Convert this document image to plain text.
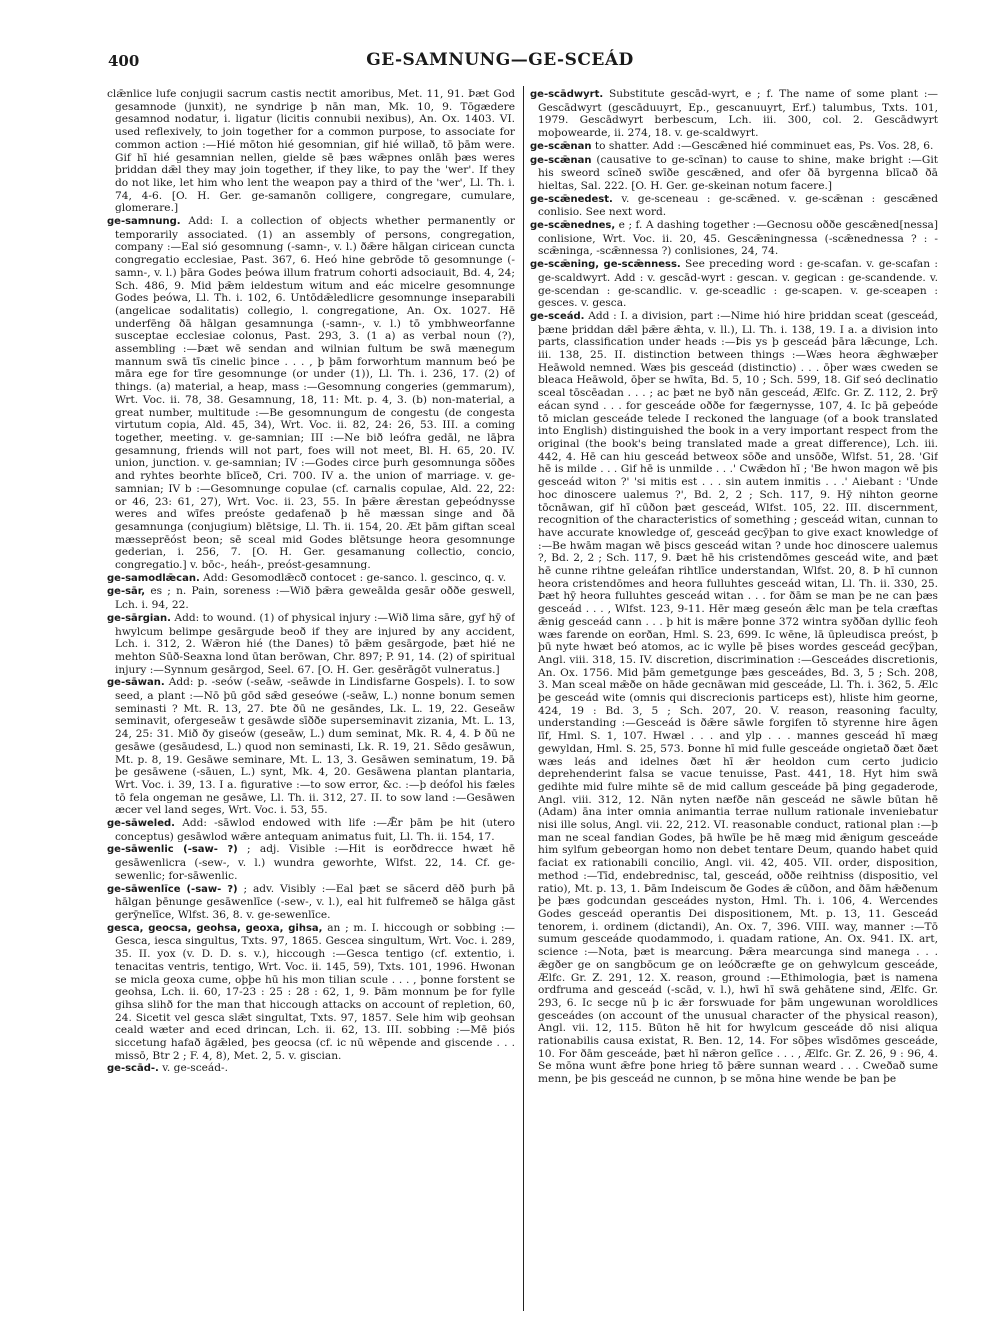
400	GE-SAMNUNG—GE-SCEÁD

clǣnlice lufe conjugii sacrum castis nectit amoribus, Met. 11, 91. Þæt God gesamnode (junxit), ne syndrige þ nān man, Mk. 10, 9. Tōgædere gesamnod nodatur, i. ligatur (licitis connubii nexibus), An. Ox. 1403. VI. used reflexively, to join together for a common purpose, to associate for common action :—Hié mōton hié gesomnian, gif hié willað, tō þām were. Gif hī hié gesamnian nellen, gielde sē þæs wǣpnes onlāh þæs weres þriddan dǣl they may join together, if they like, to pay the 'wer'. If they do not like, let him who lent the weapon pay a third of the 'wer', Ll. Th. i. 74, 4-6. [O. H. Ger. ge-samanōn colligere, congregare, cumulare, glomerare.]

ge-samnung. Add: I. a collection of objects whether permanently or temporarily associated. (1) an assembly of persons, congregation, company :—Eal sió gesomnung (-samn-, v. l.) ðǣre hālgan ciricean cuncta congregatio ecclesiae, Past. 367, 6. Heó hine gebrōde tō gesomnunge (-samn-, v. l.) þāra Godes þeówa illum fratrum cohorti adsociauit, Bd. 4, 24; Sch. 486, 9. Mid þǣm ieldestum witum and eác micelre gesomnunge Godes þeówa, Ll. Th. i. 102, 6. Untōdǣledlicre gesomnunge inseparabili (angelicae sodalitatis) collegio, l. congregatione, An. Ox. 1027. Hē underfēng ðā hālgan gesamnunga (-samn-, v. l.) tō ymbhweorfanne susceptae ecclesiae colonus, Past. 293, 3. (1 a) as verbal noun (?), assembling :—Þæt wē sendan and wilnian fultum be swā mænegum mannum swā tīs cinelic þince . . . , þ þām forworhtum mannum beó þe māra ege for tīre gesomnunge (or under (1)), Ll. Th. i. 236, 17. (2) of things. (a) material, a heap, mass :—Gesomnung congeries (gemmarum), Wrt. Voc. ii. 78, 38. Gesamnung, 18, 11: Mt. p. 4, 3. (b) non-material, a great number, multitude :—Be gesomnungum de congestu (de congesta virtutum copia, Ald. 45, 34), Wrt. Voc. ii. 82, 24: 26, 53. III. a coming together, meeting. v. ge-samnian; III :—Ne bið leófra gedāl, ne lāþra gesamnung, friends will not part, foes will not meet, Bl. H. 65, 20. IV. union, junction. v. ge-samnian; IV :—Godes circe þurh gesomnunga sōðes and ryhtes beorhte blīceð, Cri. 700. IV a. the union of marriage. v. ge-samnian; IV b :—Gesomnunge copulae (cf. carnalis copulae, Ald. 22, 22: or 46, 23: 61, 27), Wrt. Voc. ii. 23, 55. In þǣre ǣrestan geþeódnysse weres and wīfes preóste gedafenað þ hē mæssan singe and ðā gesamnunga (conjugium) blētsige, Ll. Th. ii. 154, 20. Æt þām giftan sceal mæsseprēóst beon; sē sceal mid Godes blētsunge heora gesomnunge gederian, i. 256, 7. [O. H. Ger. gesamanung collectio, concio, congregatio.] v. bōc-, heáh-, preóst-gesamnung.

ge-samodlǣcan. Add: Gesomodlǣcð contocet : ge-sanco. l. gescinco, q. v.

ge-sār, es ; n. Pain, soreness :—Wið þǣra geweālda gesār oððe geswell, Lch. i. 94, 22.

ge-sārgian. Add: to wound. (1) of physical injury :—Wið lima sāre, gyf hȳ of hwylcum belimpe gesārgude beoð if they are injured by any accident, Lch. i. 312, 2. Wǣron hié (the Danes) tō þǣm gesārgode, þæt hié ne mehton Sūð-Seaxna lond ūtan berōwan, Chr. 897; P. 91, 14. (2) of spiritual injury :—Synnum gesārgod, Seel. 67. [O. H. Ger. gesērāgōt vulneratus.]

ge-sāwan. Add: p. -seów (-seāw, -seāwde in Lindisfarne Gospels). I. to sow seed, a plant :—Nō þū gōd sǣd geseówe (-seāw, L.) nonne bonum semen seminasti ? Mt. R. 13, 27. Þte ðū ne gesāndes, Lk. L. 19, 22. Geseāw seminavit, ofergeseāw t gesāwde sīððe superseminavit zizania, Mt. L. 13, 24, 25: 31. Mið ðy giseów (geseāw, L.) dum seminat, Mk. R. 4, 4. Þ ðū ne gesāwe (gesāudesd, L.) quod non seminasti, Lk. R. 19, 21. Sēdo gesāwun, Mt. p. 8, 19. Gesāwe seminare, Mt. L. 13, 3. Gesāwen seminatum, 19. Þā þe gesāwene (-sāuen, L.) synt, Mk. 4, 20. Gesāwena plantan plantaria, Wrt. Voc. i. 39, 13. I a. figurative :—to sow error, &c. :—þ deófol his fæles tō fela ongeman ne gesāwe, Ll. Th. ii. 312, 27. II. to sow land :—Gesāwen æcer vel land seges, Wrt. Voc. i. 53, 55.

ge-sāweled. Add: -sāwlod endowed with life :—Ǣr þām þe hit (utero conceptus) gesāwlod wǣre antequam animatus fuit, Ll. Th. ii. 154, 17.

ge-sāwenlic (-saw- ?) ; adj. Visible :—Hit is eorðdrecce hwæt hē gesāwenlicra (-sew-, v. l.) wundra geworhte, Wlfst. 22, 14. Cf. ge-sewenlic; for-sāwenlic.

ge-sāwenlīce (-saw- ?) ; adv. Visibly :—Eal þæt se sācerd dēð þurh þā hālgan þēnunge gesāwenlīce (-sew-, v. l.), eal hit fulfremeð se hālga gāst gerȳnelīce, Wlfst. 36, 8. v. ge-sewenlīce.

gesca, geocsa, geohsa, geoxa, gihsa, an ; m. I. hiccough or sobbing :—Gesca, iesca singultus, Txts. 97, 1865. Gescea singultum, Wrt. Voc. i. 289, 35. II. yox (v. D. D. s. v.), hiccough :—Gesca tentigo (cf. extentio, i. tenacitas ventris, tentigo, Wrt. Voc. ii. 145, 59), Txts. 101, 1996. Hwonan se micla geoxa cume, oþþe hū his mon tilian scule . . . , þonne forstent se geohsa, Lch. ii. 60, 17-23 : 25 : 28 : 62, 1, 9. Þām monnum þe for fylle gihsa slihð for the man that hiccough attacks on account of repletion, 60, 24. Sicetit vel gesca slǣt singultat, Txts. 97, 1857. Sele him wiþ geohsan ceald wæter and eced drincan, Lch. ii. 62, 13. III. sobbing :—Mē þiós siccetung hafað āgǣled, þes geocsa (cf. ic nū wēpende and giscende . . . missō, Btr 2 ; F. 4, 8), Met. 2, 5. v. giscian.

ge-scād-. v. ge-sceád-.

ge-scādwyrt. Substitute gescād-wyrt, e ; f. The name of some plant :—Gescādwyrt (gescāduuyrt, Ep., gescanuuyrt, Erf.) talumbus, Txts. 101, 1979. Gescādwyrt berbescum, Lch. iii. 300, col. 2. Gescādwyrt moþowearde, ii. 274, 18. v. ge-scaldwyrt.

ge-scǣnan to shatter. Add :—Gescǣned hié comminuet eas, Ps. Vos. 28, 6.

ge-scǣnan (causative to ge-scīnan) to cause to shine, make bright :—Git his sweord scīneð swīðe gescǣned, and ofer ðā byrgenna blīcað ðā hieltas, Sal. 222. [O. H. Ger. ge-skeinan notum facere.]

ge-scǣnedest. v. ge-sceneau : ge-scǣned. v. ge-scǣnan : gescǣned conlisio. See next word.

ge-scǣnednes, e ; f. A dashing together :—Gecnosu oððe gescǣned[nessa] conlisione, Wrt. Voc. ii. 20, 45. Gescǣningnessa (-scǣnednessa ? : -scǣninga, -scǣnnessa ?) conlisiones, 24, 74.

ge-scǣning, ge-scǣnness. See preceding word : ge-scafan. v. ge-scafan : ge-scaldwyrt. Add : v. gescād-wyrt : gescan. v. gegican : ge-scandende. v. ge-scendan : ge-scandlic. v. ge-sceadlic : ge-scapen. v. ge-sceapen : gesces. v. gesca.

ge-sceád. Add : I. a division, part :—Nime hió hire þriddan sceat (gesceád, þæne þriddan dǣl þǣre ǣhta, v. ll.), Ll. Th. i. 138, 19. I a. a division into parts, classification under heads :—Þis ys þ gesceád þāra lǣcunge, Lch. iii. 138, 25. II. distinction between things :—Wæs heora ǣghwæþer Heāwold nemned. Wæs þis gesceád (distinctio) . . . ōþer wæs cweden se bleaca Heāwold, ōþer se hwīta, Bd. 5, 10 ; Sch. 599, 18. Gif seó declinatio sceal tōscēadan . . . ; ac þæt ne byð nān gesceád, Ælfc. Gr. Z. 112, 2. Þrȳ eácan synd . . . for gesceáde oððe for fægernysse, 107, 4. Ic þā geþeóde tō miclan gesceáde telede I reckoned the language (of a book translated into English) distinguished the book in a very important respect from the original (the book's being translated made a great difference), Lch. iii. 442, 4. Hē can hiu gesceád betweox sōðe and unsōðe, Wlfst. 51, 28. 'Gif hē is milde . . . Gif hē is unmilde . . .' Cwǣdon hī ; 'Be hwon magon wē þis gesceád witon ?' 'si mitis est . . . sin autem inmitis . . .' Aiebant : 'Unde hoc dinoscere ualemus ?', Bd. 2, 2 ; Sch. 117, 9. Hȳ nihton georne tōcnāwan, gif hī cūðon þæt gesceád, Wlfst. 105, 22. III. discernment, recognition of the characteristics of something ; gesceád witan, cunnan to have accurate knowledge of, gesceád gecȳþan to give exact knowledge of :—Be hwām magan wē þiscs gesceád witan ? unde hoc dinoscere ualemus ?, Bd. 2, 2 ; Sch. 117, 9. Þæt hē his cristendōmes gesceád wite, and þæt hē cunne rihtne geleáfan rihtlīce understandan, Wlfst. 20, 8. Þ hī cunnon heora cristendōmes and heora fulluhtes gesceád witan, Ll. Th. ii. 330, 25. Þæt hȳ heora fulluhtes gesceád witan . . . for ðām se man þe ne can þæs gesceád . . . , Wlfst. 123, 9-11. Hēr mæg geseón ǣlc man þe tela cræftas ǣnig gesceád cann . . . þ hit is mǣre þonne 372 wintra syððan dyllic feoh wæs farende on eorðan, Hml. S. 23, 699. Ic wēne, lā ūpleudisca preóst, þ þū nyte hwæt beó atomos, ac ic wylle þē þises wordes gesceád gecȳþan, Angl. viii. 318, 15. IV. discretion, discrimination :—Gesceádes discretionis, An. Ox. 1756. Mid þām gemetgunge þæs gesceádes, Bd. 3, 5 ; Sch. 208, 3. Man sceal mǣðe on hāde gecnāwan mid gesceáde, Ll. Th. i. 362, 5. Ælc þe gesceád wite (omnis qui discrecionis particeps est), hliste him georne, 424, 19 : Bd. 3, 5 ; Sch. 207, 20. V. reason, reasoning faculty, understanding :—Gesceád is ðǣre sāwle forgifen tō styrenne hire āgen līf, Hml. S. 1, 107. Hwæl . . . and ylp . . . mannes gesceád hī mæg gewyldan, Hml. S. 25, 573. Þonne hī mid fulle gesceáde ongietað ðæt ðæt wæs leás and idelnes ðæt hī ǣr heoldon cum certo judicio deprehenderint falsa se vacue tenuisse, Past. 441, 18. Hyt him swā gedihte mid fulre mihte sē de mid callum gesceáde þā þing gegaderode, Angl. viii. 312, 12. Nān nyten næfðe nān gesceád ne sāwle būtan hē (Adam) āna inter omnia animantia terrae nullum rationale inveniebatur nisi ille solus, Angl. vii. 22, 212. VI. reasonable conduct, rational plan :—þ man ne sceal fandian Godes, þā hwīle þe hē mæg mid ǣnigum gesceáde him sylfum gebeorgan homo non debet tentare Deum, quando habet quid faciat ex rationabili concilio, Angl. vii. 42, 405. VII. order, disposition, method :—Tīd, endebrednisc, tal, gesceád, oððe reihtniss (dispositio, vel ratio), Mt. p. 13, 1. Þām Indeiscum ðe Godes ǣ cūðon, and ðām hǣðenum þe þæs godcundan gesceádes nyston, Hml. Th. i. 106, 4. Wercendes Godes gesceád operantis Dei dispositionem, Mt. p. 13, 11. Gesceád tenorem, i. ordinem (dictandi), An. Ox. 7, 396. VIII. way, manner :—Tō sumum gesceáde quodammodo, i. quadam ratione, An. Ox. 941. IX. art, science :—Nota, þæt is mearcung. Þǣra mearcunga sind manega . . . ǣgðer ge on sangbōcum ge on leóðcræfte ge on gehwylcum gesceáde, Ælfc. Gr. Z. 291, 12. X. reason, ground :—Ethimologia, þæt is namena ordfruma and gesceád (-scād, v. l.), hwī hī swā gehātene sind, Ælfc. Gr. 293, 6. Ic secge nū þ ic ǣr forswuade for þām ungewunan woroldlices gesceádes (on account of the unusual character of the physical reason), Angl. vii. 12, 115. Būton hē hit for hwylcum gesceáde dō nisi aliqua rationabilis causa existat, R. Ben. 12, 14. For sōþes wīsdōmes gesceáde, 10. For ðām gesceáde, þæt hī nǣron gelīce . . . , Ælfc. Gr. Z. 26, 9 : 96, 4. Se mōna wunt ǣfre þone hrieg tō þǣre sunnan weard . . . Cweðað sume menn, þe þis gesceád ne cunnon, þ se mōna hine wende be þan þe
